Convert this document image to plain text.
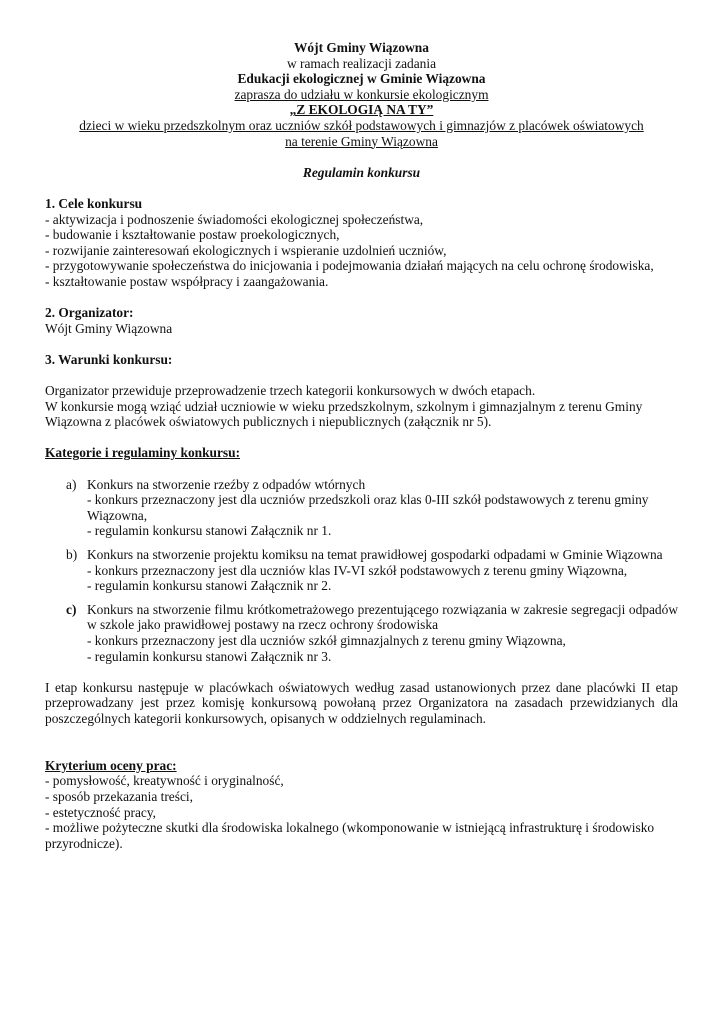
Wójt Gminy Wiązowna

w ramach realizacji zadania

Edukacji ekologicznej w Gminie Wiązowna

zaprasza do udziału w konkursie ekologicznym

„Z EKOLOGIĄ NA TY”

dzieci w wieku przedszkolnym oraz uczniów szkół podstawowych i gimnazjów z placówek oświatowych

na terenie Gminy Wiązowna

Regulamin konkursu

1. Cele konkursu

- aktywizacja i podnoszenie świadomości ekologicznej społeczeństwa,

- budowanie i kształtowanie postaw proekologicznych,

- rozwijanie zainteresowań ekologicznych i wspieranie uzdolnień uczniów,

- przygotowywanie społeczeństwa do inicjowania i podejmowania działań mających na celu ochronę środowiska,

- kształtowanie postaw współpracy i zaangażowania.

2. Organizator:

Wójt Gminy Wiązowna

3. Warunki konkursu:

Organizator przewiduje przeprowadzenie trzech kategorii konkursowych w dwóch etapach.

W konkursie mogą wziąć udział uczniowie w wieku przedszkolnym, szkolnym i gimnazjalnym z terenu Gminy Wiązowna z placówek oświatowych publicznych i niepublicznych (załącznik nr 5).

Kategorie i regulaminy konkursu:

a) Konkurs na stworzenie rzeźby z odpadów wtórnych

- konkurs przeznaczony jest dla uczniów przedszkoli oraz klas 0-III szkół podstawowych z terenu gminy Wiązowna,

- regulamin konkursu stanowi Załącznik nr 1.

b) Konkurs na stworzenie projektu komiksu na temat prawidłowej gospodarki odpadami w Gminie Wiązowna

- konkurs przeznaczony jest dla uczniów klas IV-VI szkół podstawowych z terenu gminy Wiązowna,

- regulamin konkursu stanowi Załącznik nr 2.

c) Konkurs na stworzenie filmu krótkometrażowego prezentującego rozwiązania w zakresie segregacji odpadów w szkole jako prawidłowej postawy na rzecz ochrony środowiska

- konkurs przeznaczony jest dla uczniów szkół gimnazjalnych z terenu gminy Wiązowna,

- regulamin konkursu stanowi Załącznik nr 3.

I etap konkursu następuje w placówkach oświatowych według zasad ustanowionych przez dane placówki II etap przeprowadzany jest przez komisję konkursową powołaną przez Organizatora na zasadach przewidzianych dla poszczególnych kategorii konkursowych, opisanych w oddzielnych regulaminach.

Kryterium oceny prac:

- pomysłowość, kreatywność i oryginalność,

- sposób przekazania treści,

- estetyczność pracy,

- możliwe pożyteczne skutki dla środowiska lokalnego (wkomponowanie w istniejącą infrastrukturę i środowisko przyrodnicze).
